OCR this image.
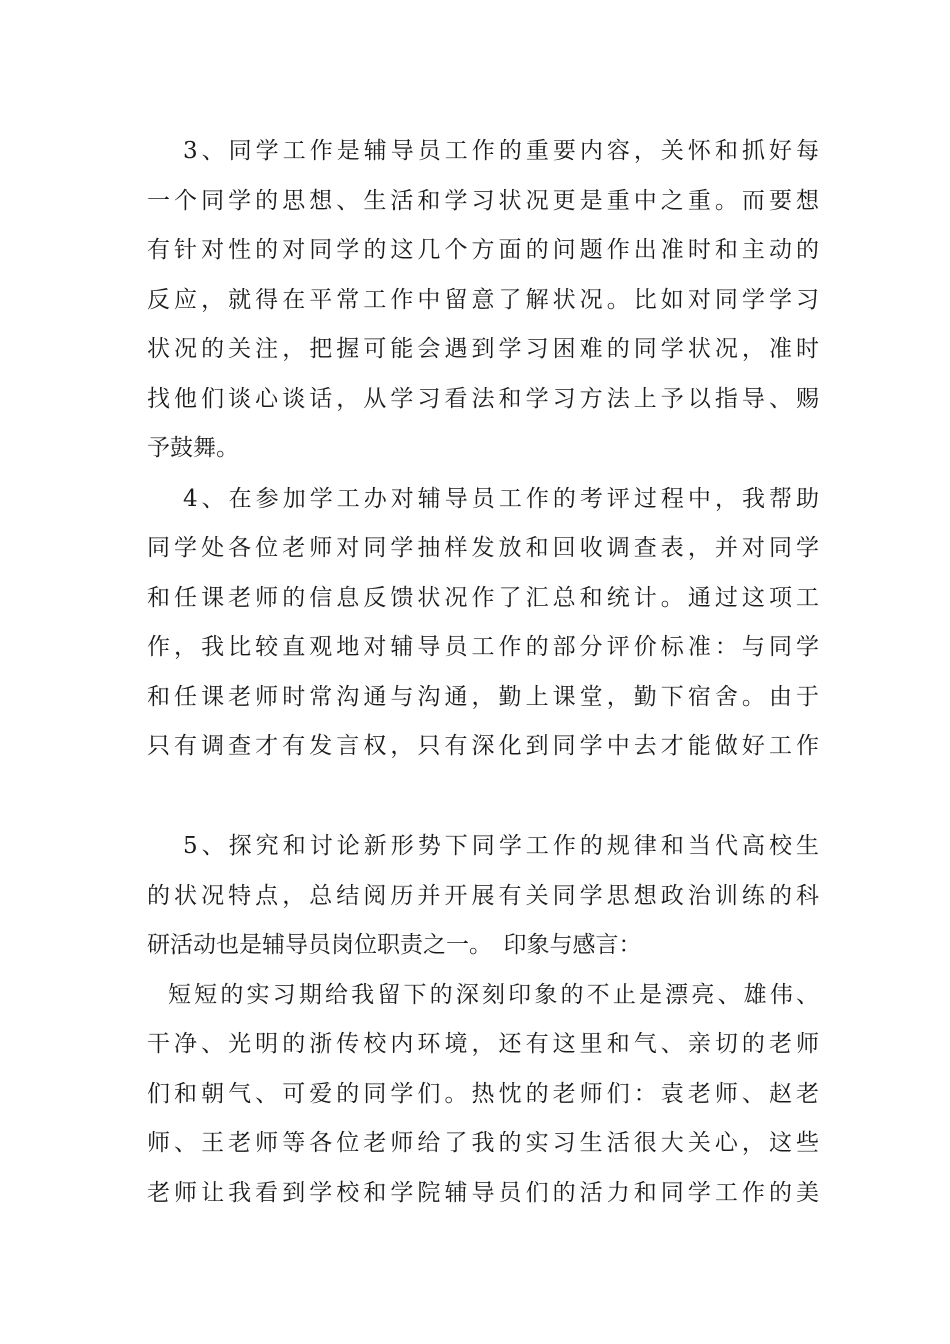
3、同学工作是辅导员工作的重要内容，关怀和抓好每

一个同学的思想、生活和学习状况更是重中之重。而要想

有针对性的对同学的这几个方面的问题作出准时和主动的

反应，就得在平常工作中留意了解状况。比如对同学学习

状况的关注，把握可能会遇到学习困难的同学状况，准时

找他们谈心谈话，从学习看法和学习方法上予以指导、赐

予鼓舞。

4、在参加学工办对辅导员工作的考评过程中，我帮助

同学处各位老师对同学抽样发放和回收调查表，并对同学

和任课老师的信息反馈状况作了汇总和统计。通过这项工

作，我比较直观地对辅导员工作的部分评价标准：与同学

和任课老师时常沟通与沟通，勤上课堂，勤下宿舍。由于

只有调查才有发言权，只有深化到同学中去才能做好工作

5、探究和讨论新形势下同学工作的规律和当代高校生

的状况特点，总结阅历并开展有关同学思想政治训练的科

研活动也是辅导员岗位职责之一。　印象与感言：

短短的实习期给我留下的深刻印象的不止是漂亮、雄伟、

干净、光明的浙传校内环境，还有这里和气、亲切的老师

们和朝气、可爱的同学们。热忱的老师们：袁老师、赵老

师、王老师等各位老师给了我的实习生活很大关心，这些

老师让我看到学校和学院辅导员们的活力和同学工作的美
